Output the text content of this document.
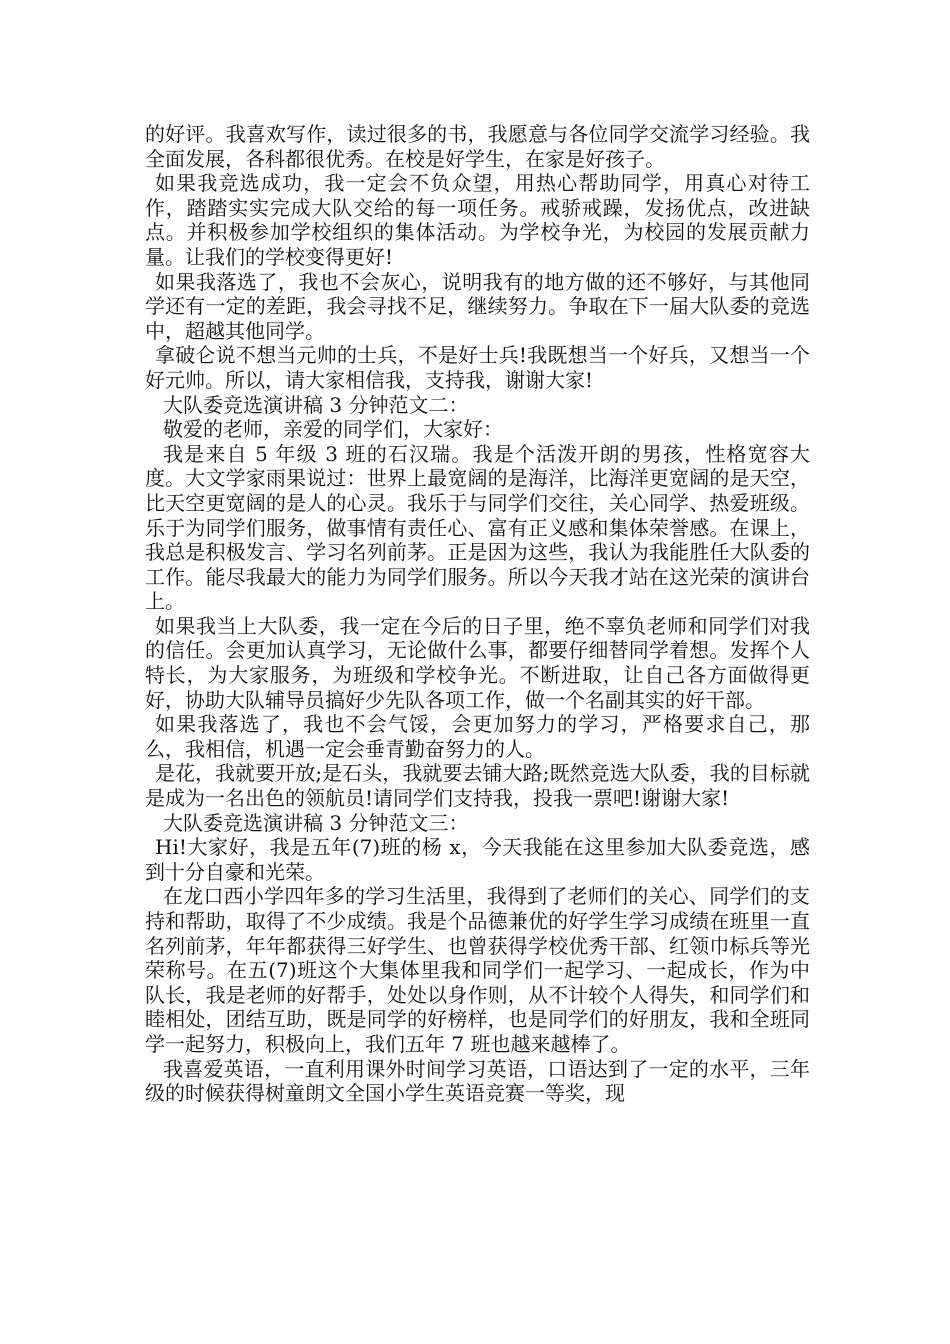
的好评。我喜欢写作，读过很多的书，我愿意与各位同学交流学习经验。我全面发展，各科都很优秀。在校是好学生，在家是好孩子。

如果我竞选成功，我一定会不负众望，用热心帮助同学，用真心对待工作，踏踏实实完成大队交给的每一项任务。戒骄戒躁，发扬优点，改进缺点。并积极参加学校组织的集体活动。为学校争光，为校园的发展贡献力量。让我们的学校变得更好!

如果我落选了，我也不会灰心，说明我有的地方做的还不够好，与其他同学还有一定的差距，我会寻找不足，继续努力。争取在下一届大队委的竞选中，超越其他同学。

拿破仑说不想当元帅的士兵，不是好士兵!我既想当一个好兵，又想当一个好元帅。所以，请大家相信我，支持我，谢谢大家!

大队委竞选演讲稿 3 分钟范文二：

敬爱的老师，亲爱的同学们，大家好：

我是来自 5 年级 3 班的石汉瑞。我是个活泼开朗的男孩，性格宽容大度。大文学家雨果说过：世界上最宽阔的是海洋，比海洋更宽阔的是天空，比天空更宽阔的是人的心灵。我乐于与同学们交往，关心同学、热爱班级。乐于为同学们服务，做事情有责任心、富有正义感和集体荣誉感。在课上，我总是积极发言、学习名列前茅。正是因为这些，我认为我能胜任大队委的工作。能尽我最大的能力为同学们服务。所以今天我才站在这光荣的演讲台上。

如果我当上大队委，我一定在今后的日子里，绝不辜负老师和同学们对我的信任。会更加认真学习，无论做什么事，都要仔细替同学着想。发挥个人特长，为大家服务，为班级和学校争光。不断进取，让自己各方面做得更好，协助大队辅导员搞好少先队各项工作，做一个名副其实的好干部。

如果我落选了，我也不会气馁，会更加努力的学习，严格要求自己，那么，我相信，机遇一定会垂青勤奋努力的人。

是花，我就要开放;是石头，我就要去铺大路;既然竞选大队委，我的目标就是成为一名出色的领航员!请同学们支持我，投我一票吧!谢谢大家!

大队委竞选演讲稿 3 分钟范文三：

Hi!大家好，我是五年(7)班的杨 x，今天我能在这里参加大队委竞选，感到十分自豪和光荣。

在龙口西小学四年多的学习生活里，我得到了老师们的关心、同学们的支持和帮助，取得了不少成绩。我是个品德兼优的好学生学习成绩在班里一直名列前茅，年年都获得三好学生、也曾获得学校优秀干部、红领巾标兵等光荣称号。在五(7)班这个大集体里我和同学们一起学习、一起成长，作为中队长，我是老师的好帮手，处处以身作则，从不计较个人得失，和同学们和睦相处，团结互助，既是同学的好榜样，也是同学们的好朋友，我和全班同学一起努力，积极向上，我们五年 7 班也越来越棒了。

我喜爱英语，一直利用课外时间学习英语，口语达到了一定的水平，三年级的时候获得树童朗文全国小学生英语竞赛一等奖，现
